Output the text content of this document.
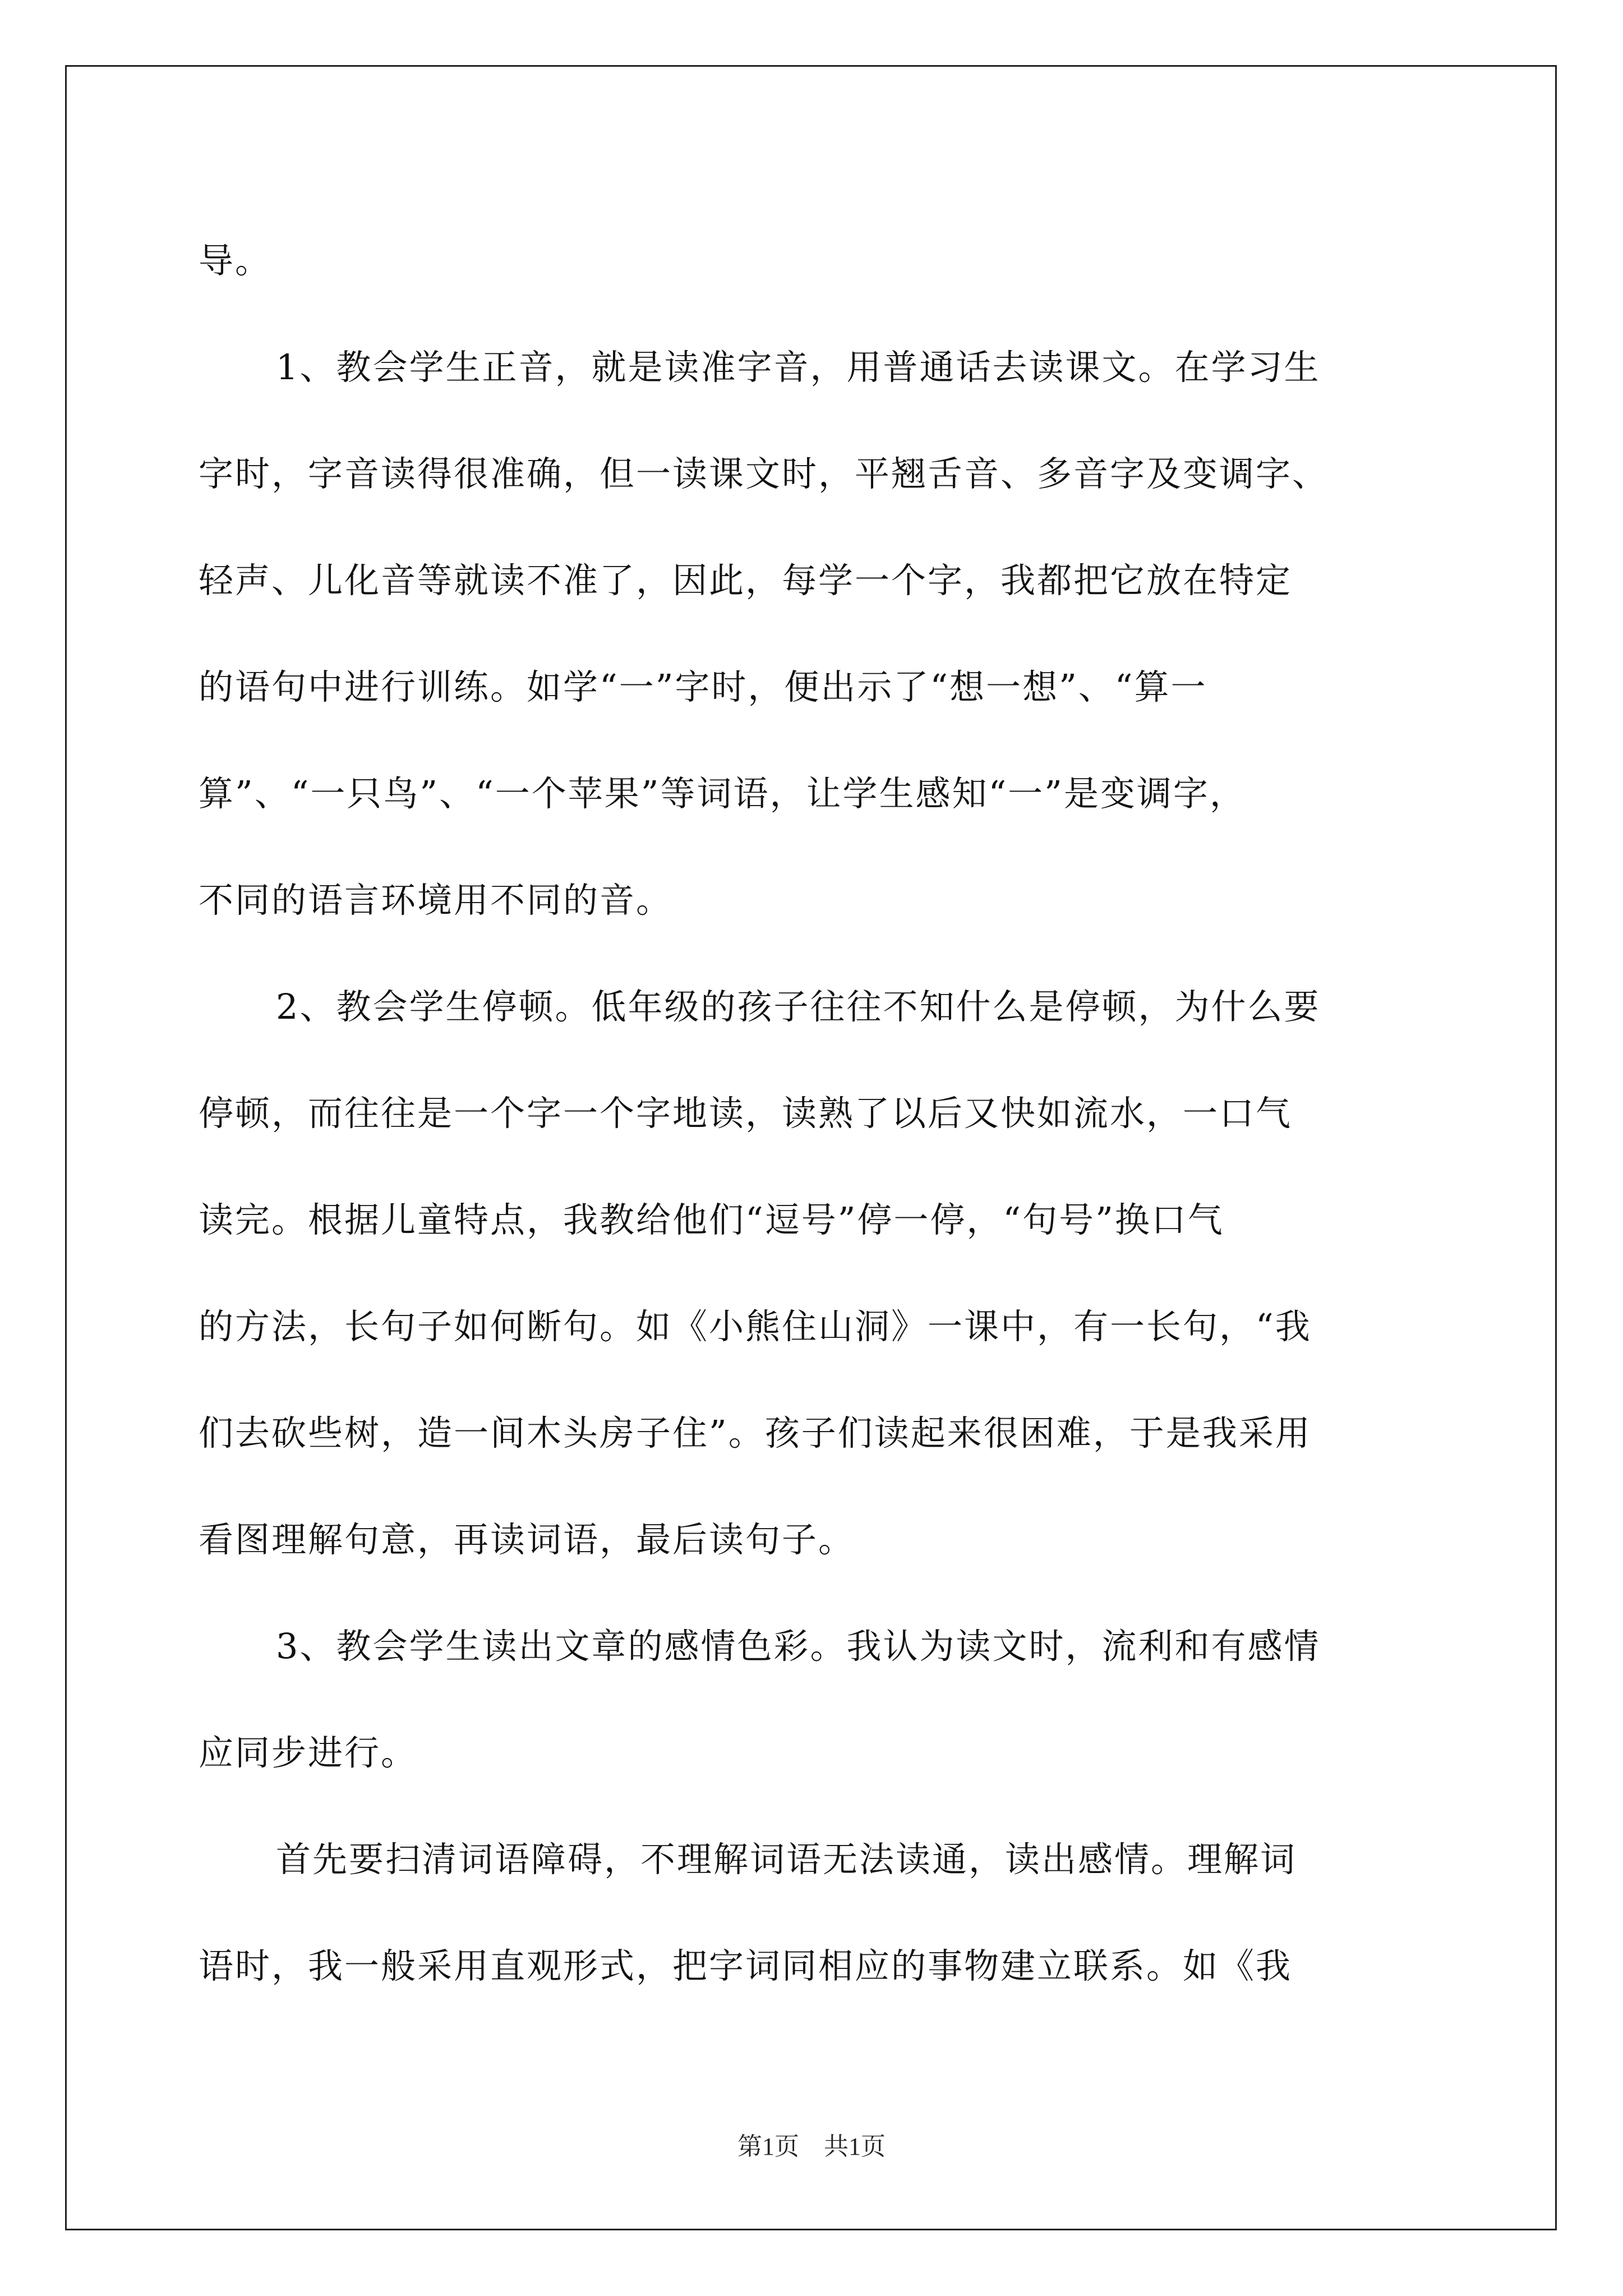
导。
1、教会学生正音，就是读准字音，用普通话去读课文。在学习生
字时，字音读得很准确，但一读课文时，平翘舌音、多音字及变调字、
轻声、儿化音等就读不准了，因此，每学一个字，我都把它放在特定
的语句中进行训练。如学“一”字时，便出示了“想一想”、“算一
算”、“一只鸟”、“一个苹果”等词语，让学生感知“一”是变调字，
不同的语言环境用不同的音。
2、教会学生停顿。低年级的孩子往往不知什么是停顿，为什么要
停顿，而往往是一个字一个字地读，读熟了以后又快如流水，一口气
读完。根据儿童特点，我教给他们“逗号”停一停，“句号”换口气
的方法，长句子如何断句。如《小熊住山洞》一课中，有一长句，“我
们去砍些树，造一间木头房子住”。孩子们读起来很困难，于是我采用
看图理解句意，再读词语，最后读句子。
3、教会学生读出文章的感情色彩。我认为读文时，流利和有感情
应同步进行。
首先要扫清词语障碍，不理解词语无法读通，读出感情。理解词
语时，我一般采用直观形式，把字词同相应的事物建立联系。如《我
第1页　共1页
